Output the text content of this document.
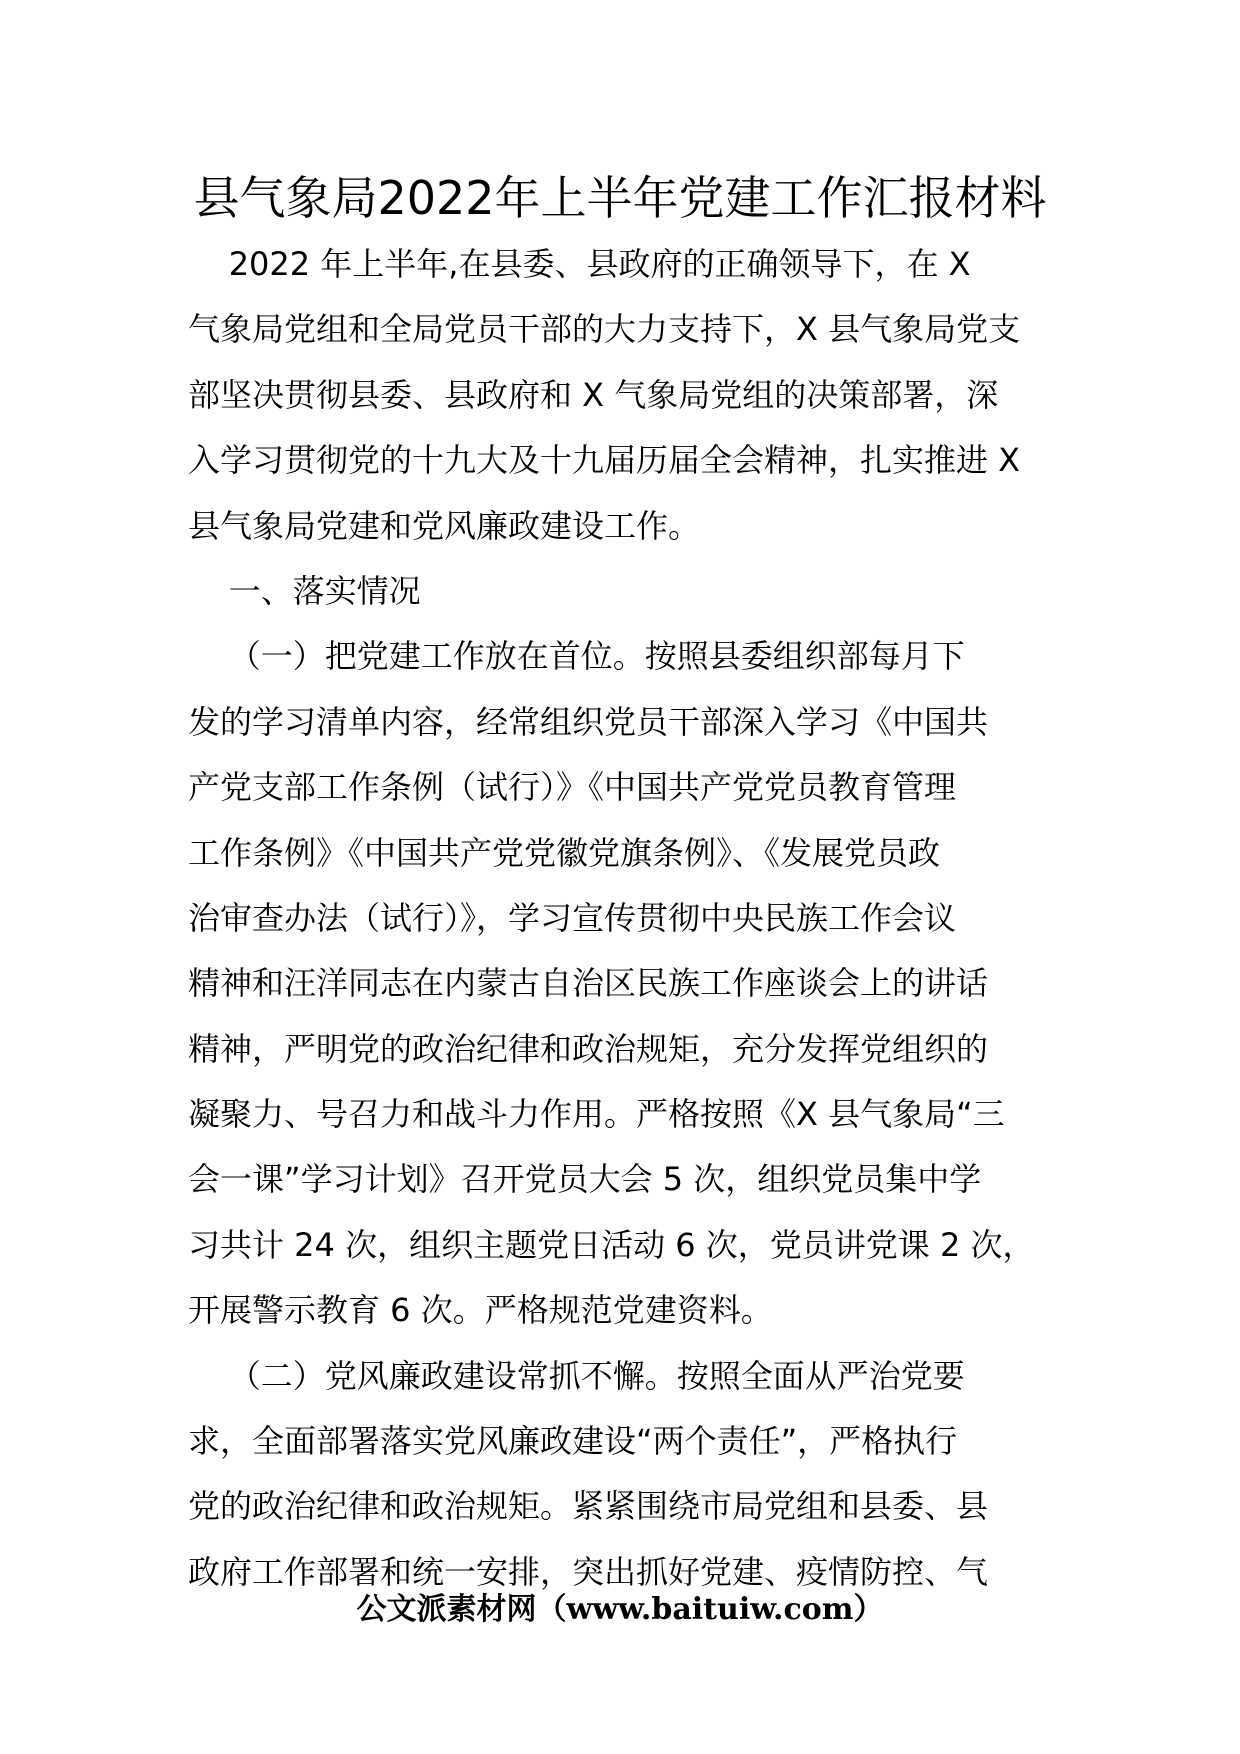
县气象局2022年上半年党建工作汇报材料
2022 年上半年,在县委、县政府的正确领导下，在 X
气象局党组和全局党员干部的大力支持下，X 县气象局党支
部坚决贯彻县委、县政府和 X 气象局党组的决策部署，深
入学习贯彻党的十九大及十九届历届全会精神，扎实推进 X
县气象局党建和党风廉政建设工作。
一、落实情况
（一）把党建工作放在首位。按照县委组织部每月下
发的学习清单内容，经常组织党员干部深入学习《中国共
产党支部工作条例（试行）》《中国共产党党员教育管理
工作条例》《中国共产党党徽党旗条例》、《发展党员政
治审查办法（试行）》，学习宣传贯彻中央民族工作会议
精神和汪洋同志在内蒙古自治区民族工作座谈会上的讲话
精神，严明党的政治纪律和政治规矩，充分发挥党组织的
凝聚力、号召力和战斗力作用。严格按照《X 县气象局“三
会一课”学习计划》召开党员大会 5 次，组织党员集中学
习共计 24 次，组织主题党日活动 6 次，党员讲党课 2 次，
开展警示教育 6 次。严格规范党建资料。
（二）党风廉政建设常抓不懈。按照全面从严治党要
求，全面部署落实党风廉政建设“两个责任”，严格执行
党的政治纪律和政治规矩。紧紧围绕市局党组和县委、县
政府工作部署和统一安排，突出抓好党建、疫情防控、气
公文派素材网（www.baituiw.com）
